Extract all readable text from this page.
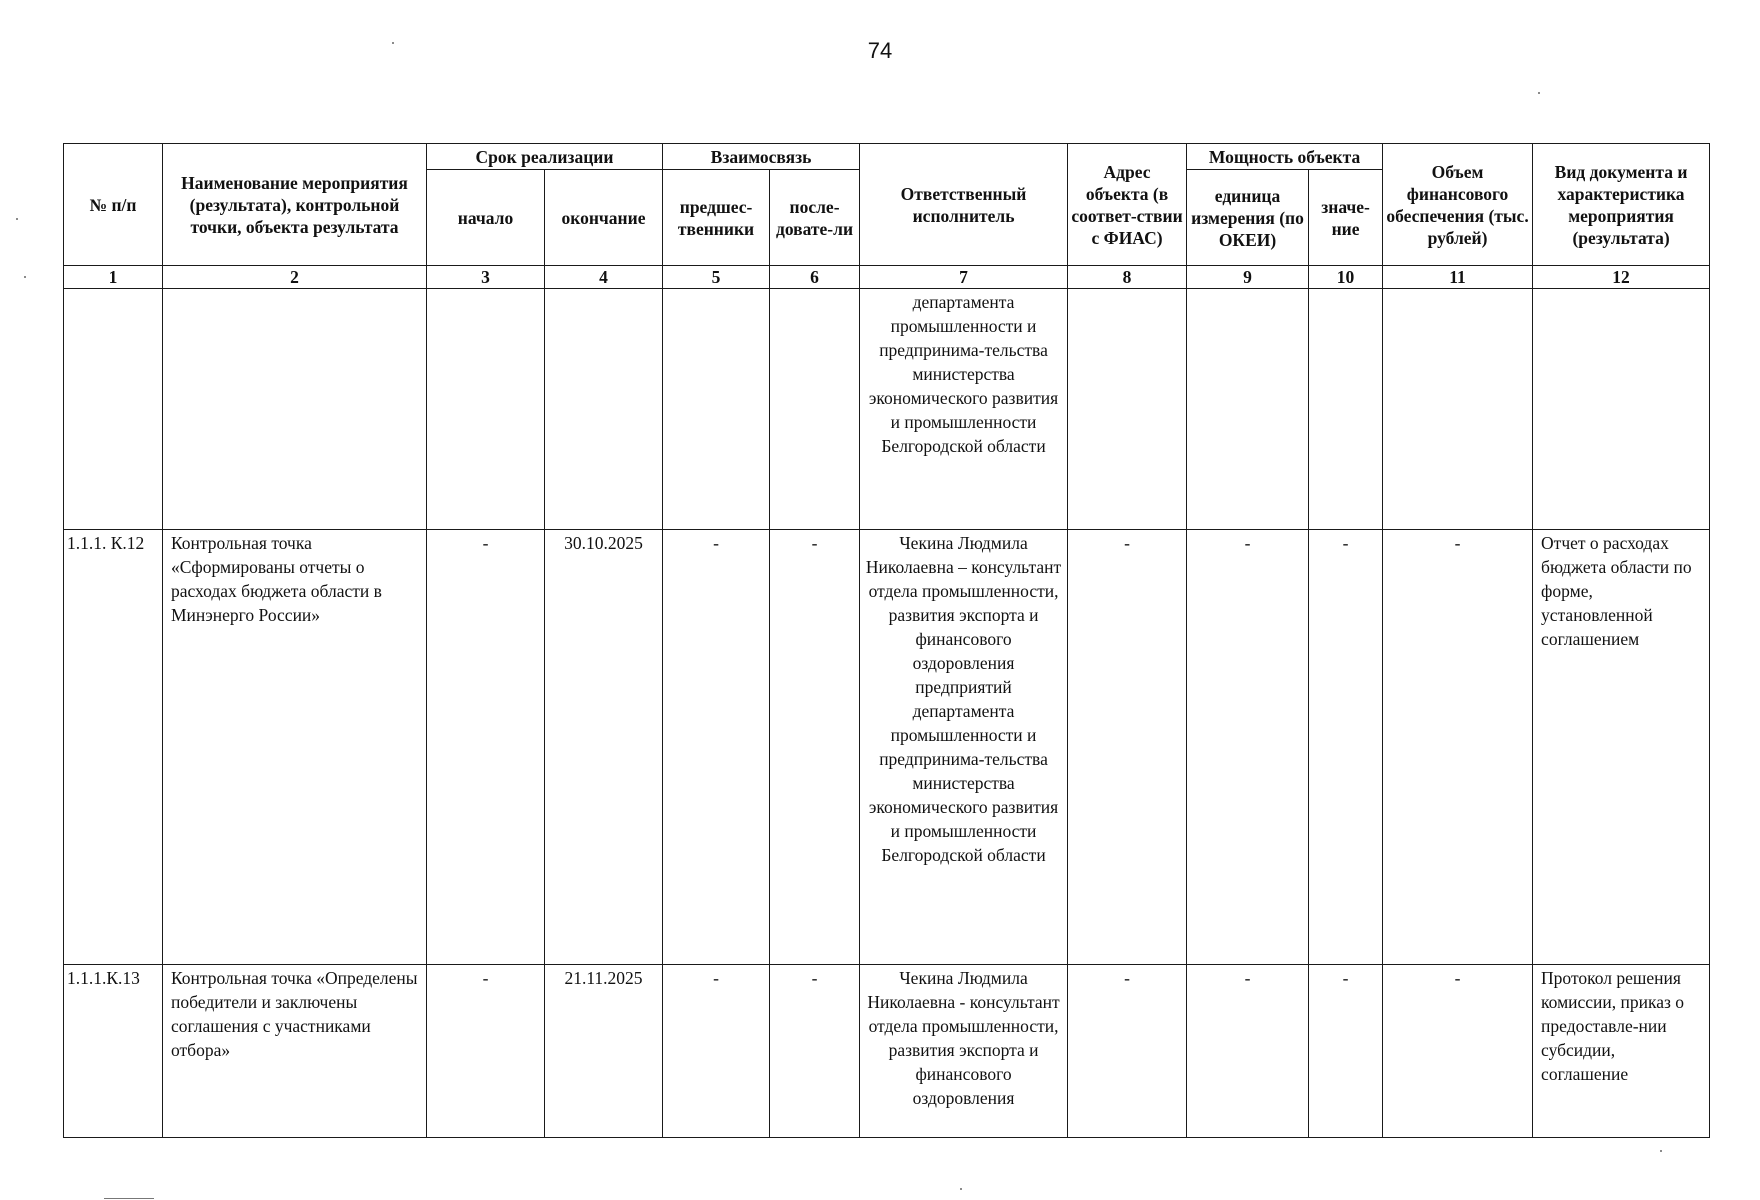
74
№ п/п	Наименование мероприятия (результата), контрольной точки, объекта результата	Срок реализации		Взаимосвязь		Ответственный исполнитель	Адрес объекта (в соответ-ствии с ФИАС)	Мощность объекта		Объем финансового обеспечения (тыс. рублей)	Вид документа и характеристика мероприятия (результата)
		начало	окончание	предшес-твенники	после-довате-ли			единица измерения (по ОКЕИ)	значе-ние		
1	2	3	4	5	6	7	8	9	10	11	12
						департамента промышленности и предпринима-тельства министерства экономического развития и промышленности Белгородской области					
1.1.1. К.12	Контрольная точка «Сформированы отчеты о расходах бюджета области в Минэнерго России»	-	30.10.2025	-	-	Чекина Людмила Николаевна – консультант отдела промышленности, развития экспорта и финансового оздоровления предприятий департамента промышленности и предпринима-тельства министерства экономического развития и промышленности Белгородской области	-	-	-	-	Отчет о расходах бюджета области по форме, установленной соглашением
1.1.1.К.13	Контрольная точка «Определены победители и заключены соглашения с участниками отбора»	-	21.11.2025	-	-	Чекина Людмила Николаевна - консультант отдела промышленности, развития экспорта и финансового оздоровления	-	-	-	-	Протокол решения комиссии, приказ о предоставле-нии субсидии, соглашение
